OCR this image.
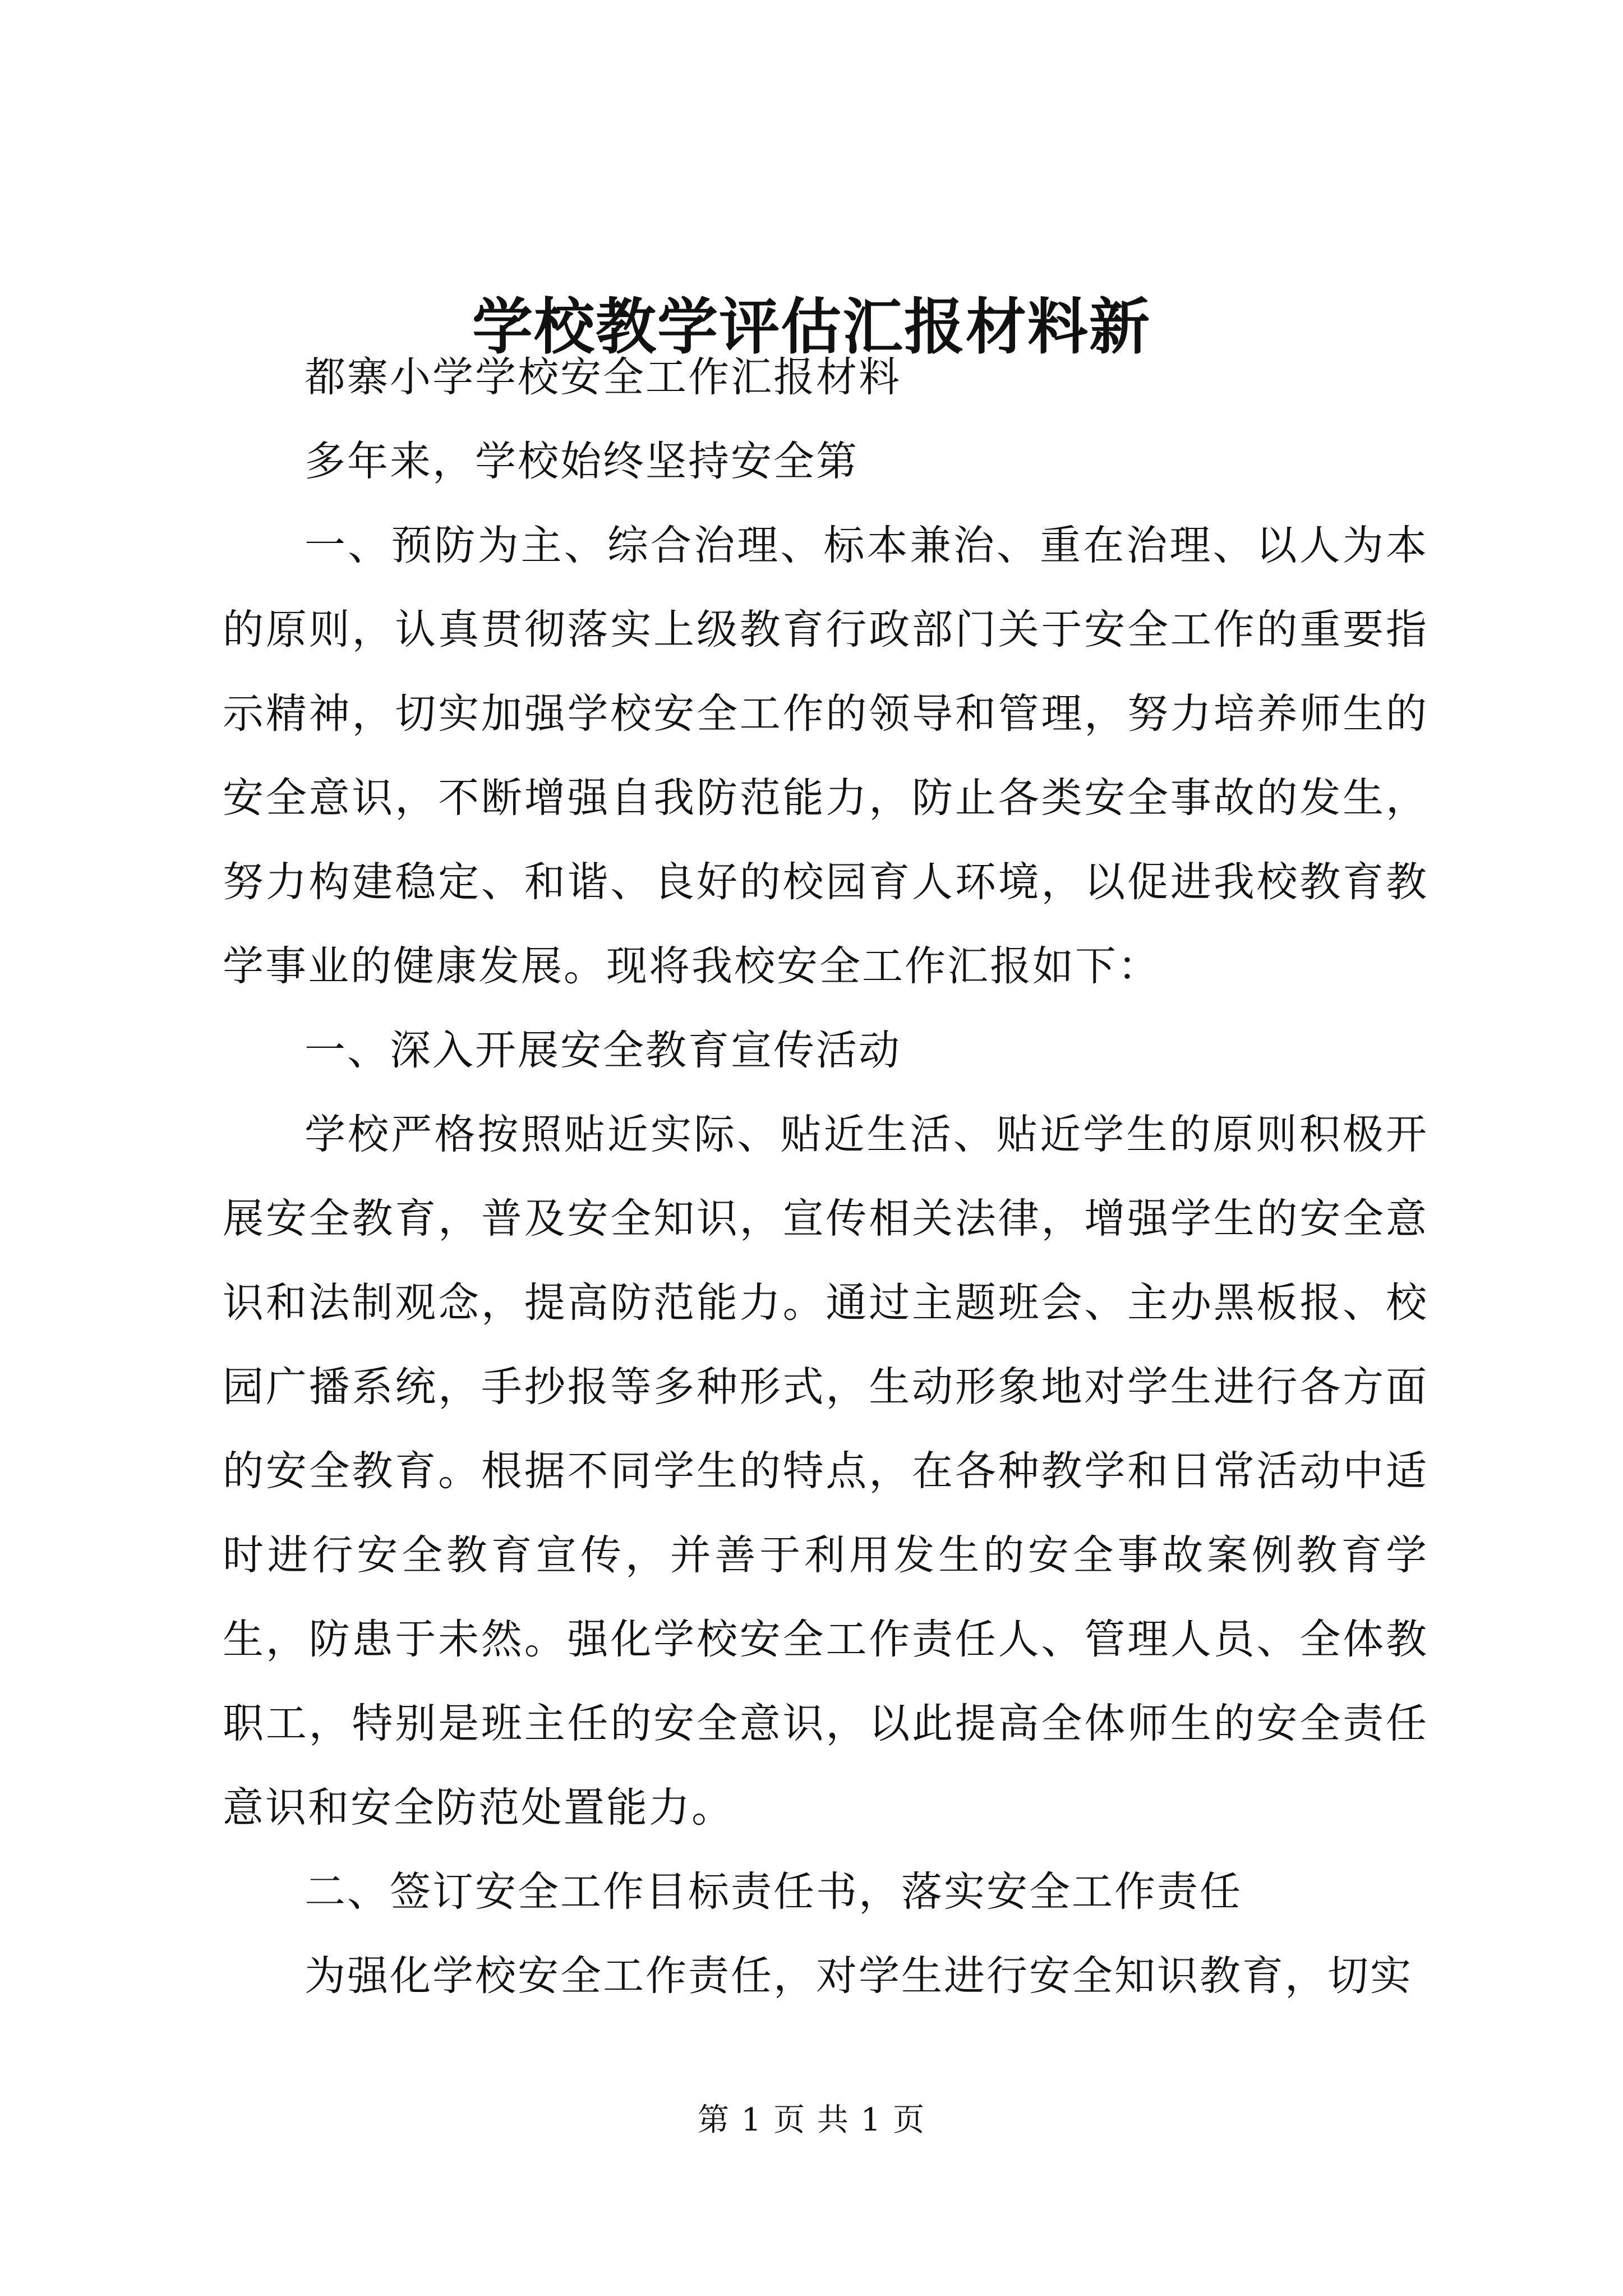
学校教学评估汇报材料新

都寨小学学校安全工作汇报材料

多年来，学校始终坚持安全第

一、预防为主、综合治理、标本兼治、重在治理、以人为本的原则，认真贯彻落实上级教育行政部门关于安全工作的重要指示精神，切实加强学校安全工作的领导和管理，努力培养师生的安全意识，不断增强自我防范能力，防止各类安全事故的发生，努力构建稳定、和谐、良好的校园育人环境，以促进我校教育教学事业的健康发展。现将我校安全工作汇报如下：

一、深入开展安全教育宣传活动

学校严格按照贴近实际、贴近生活、贴近学生的原则积极开展安全教育，普及安全知识，宣传相关法律，增强学生的安全意识和法制观念，提高防范能力。通过主题班会、主办黑板报、校园广播系统，手抄报等多种形式，生动形象地对学生进行各方面的安全教育。根据不同学生的特点，在各种教学和日常活动中适时进行安全教育宣传，并善于利用发生的安全事故案例教育学生，防患于未然。强化学校安全工作责任人、管理人员、全体教职工，特别是班主任的安全意识，以此提高全体师生的安全责任意识和安全防范处置能力。

二、签订安全工作目标责任书，落实安全工作责任

为强化学校安全工作责任，对学生进行安全知识教育，切实

第 1 页 共 1 页
